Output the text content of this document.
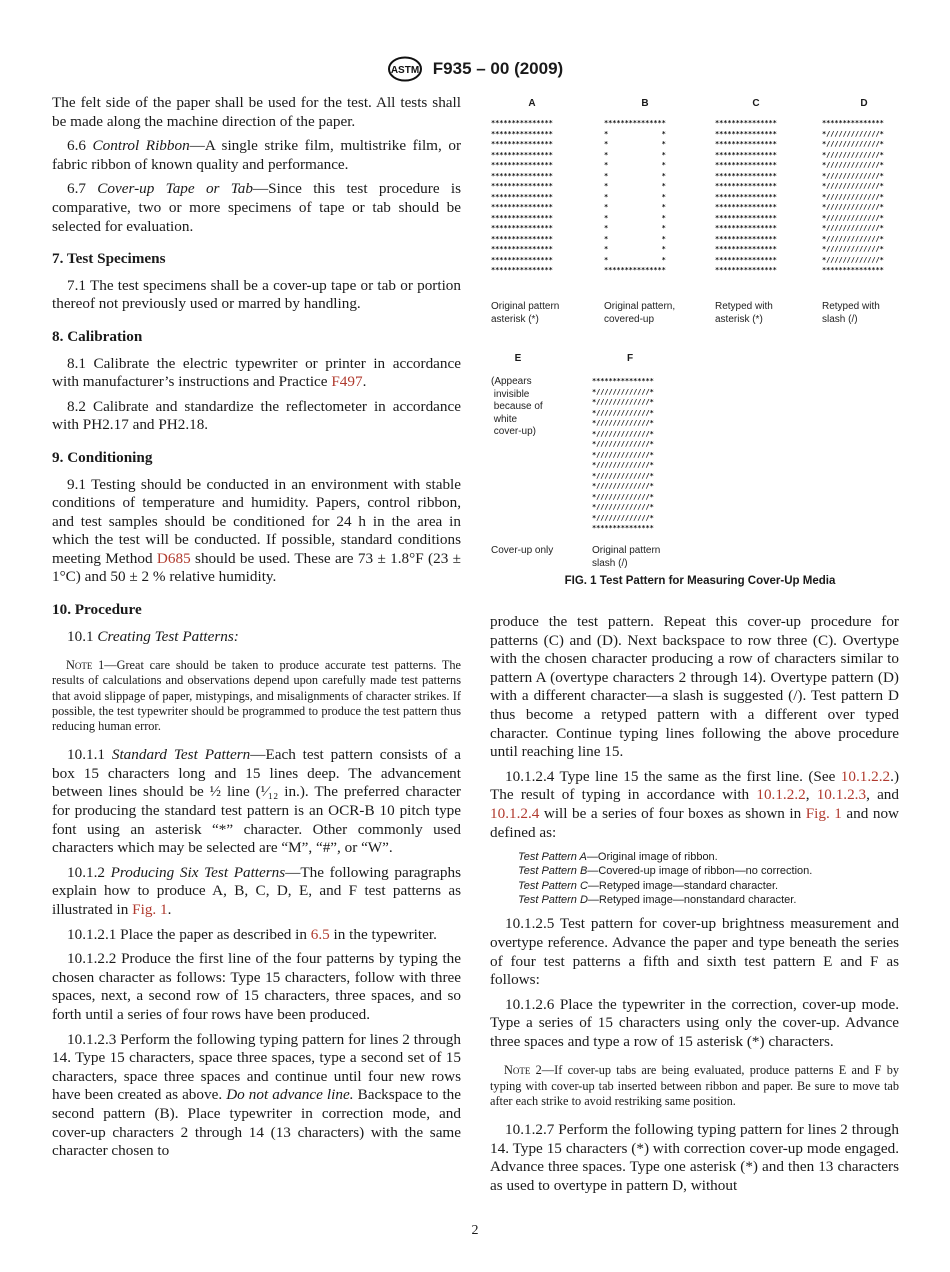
ASTM F935 – 00 (2009)

The felt side of the paper shall be used for the test. All tests shall be made along the machine direction of the paper.

6.6 Control Ribbon—A single strike film, multistrike film, or fabric ribbon of known quality and performance.

6.7 Cover-up Tape or Tab—Since this test procedure is comparative, two or more specimens of tape or tab should be selected for evaluation.

7. Test Specimens

7.1 The test specimens shall be a cover-up tape or tab or portion thereof not previously used or marred by handling.

8. Calibration

8.1 Calibrate the electric typewriter or printer in accordance with manufacturer’s instructions and Practice F497.

8.2 Calibrate and standardize the reflectometer in accordance with PH2.17 and PH2.18.

9. Conditioning

9.1 Testing should be conducted in an environment with stable conditions of temperature and humidity. Papers, control ribbon, and test samples should be conditioned for 24 h in the area in which the test will be conducted. If possible, standard conditions meeting Method D685 should be used. These are 73 ± 1.8°F (23 ± 1°C) and 50 ± 2 % relative humidity.

10. Procedure

10.1 Creating Test Patterns:

Note 1—Great care should be taken to produce accurate test patterns. The results of calculations and observations depend upon carefully made test patterns that avoid slippage of paper, mistypings, and misalignments of character strikes. If possible, the test typewriter should be programmed to produce the test pattern thus reducing human error.

10.1.1 Standard Test Pattern—Each test pattern consists of a box 15 characters long and 15 lines deep. The advancement between lines should be ½ line (¹⁄₁₂ in.). The preferred character for producing the standard test pattern is an OCR-B 10 pitch type font using an asterisk “*” character. Other commonly used characters which may be selected are “M”, “#”, or “W”.

10.1.2 Producing Six Test Patterns—The following paragraphs explain how to produce A, B, C, D, E, and F test patterns as illustrated in Fig. 1.

10.1.2.1 Place the paper as described in 6.5 in the typewriter.

10.1.2.2 Produce the first line of the four patterns by typing the chosen character as follows: Type 15 characters, follow with three spaces, next, a second row of 15 characters, three spaces, and so forth until a series of four rows have been produced.

10.1.2.3 Perform the following typing pattern for lines 2 through 14. Type 15 characters, space three spaces, type a second set of 15 characters, space three spaces and continue until four new rows have been created as above. Do not advance line. Backspace to the second pattern (B). Place typewriter in correction mode, and cover-up characters 2 through 14 (13 characters) with the same character chosen to

A	B	C	D
***************
***************
***************
***************
***************
***************
***************
***************
***************
***************
***************
***************
***************
***************
***************
***************
*             *
*             *
*             *
*             *
*             *
*             *
*             *
*             *
*             *
*             *
*             *
*             *
*             *
***************
***************
***************
***************
***************
***************
***************
***************
***************
***************
***************
***************
***************
***************
***************
***************
***************
*/////////////*
*/////////////*
*/////////////*
*/////////////*
*/////////////*
*/////////////*
*/////////////*
*/////////////*
*/////////////*
*/////////////*
*/////////////*
*/////////////*
*/////////////*
***************
Original pattern
asterisk (*)
Original pattern,
covered-up
Retyped with
asterisk (*)
Retyped with
slash (/)
E	F
(Appears
invisible
because of
white
cover-up)
***************
*/////////////*
*/////////////*
*/////////////*
*/////////////*
*/////////////*
*/////////////*
*/////////////*
*/////////////*
*/////////////*
*/////////////*
*/////////////*
*/////////////*
*/////////////*
***************
Cover-up only	Original pattern
slash (/)
FIG. 1 Test Pattern for Measuring Cover-Up Media

produce the test pattern. Repeat this cover-up procedure for patterns (C) and (D). Next backspace to row three (C). Overtype with the chosen character producing a row of characters similar to pattern A (overtype characters 2 through 14). Overtype pattern (D) with a different character—a slash is suggested (/). Test pattern D thus become a retyped pattern with a different over typed character. Continue typing lines following the above procedure until reaching line 15.

10.1.2.4 Type line 15 the same as the first line. (See 10.1.2.2.) The result of typing in accordance with 10.1.2.2, 10.1.2.3, and 10.1.2.4 will be a series of four boxes as shown in Fig. 1 and now defined as:

Test Pattern A—Original image of ribbon.
Test Pattern B—Covered-up image of ribbon—no correction.
Test Pattern C—Retyped image—standard character.
Test Pattern D—Retyped image—nonstandard character.

10.1.2.5 Test pattern for cover-up brightness measurement and overtype reference. Advance the paper and type beneath the series of four test patterns a fifth and sixth test pattern E and F as follows:

10.1.2.6 Place the typewriter in the correction, cover-up mode. Type a series of 15 characters using only the cover-up. Advance three spaces and type a row of 15 asterisk (*) characters.

Note 2—If cover-up tabs are being evaluated, produce patterns E and F by typing with cover-up tab inserted between ribbon and paper. Be sure to move tab after each strike to avoid restriking same position.

10.1.2.7 Perform the following typing pattern for lines 2 through 14. Type 15 characters (*) with correction cover-up mode engaged. Advance three spaces. Type one asterisk (*) and then 13 characters as used to overtype in pattern D, without

2
